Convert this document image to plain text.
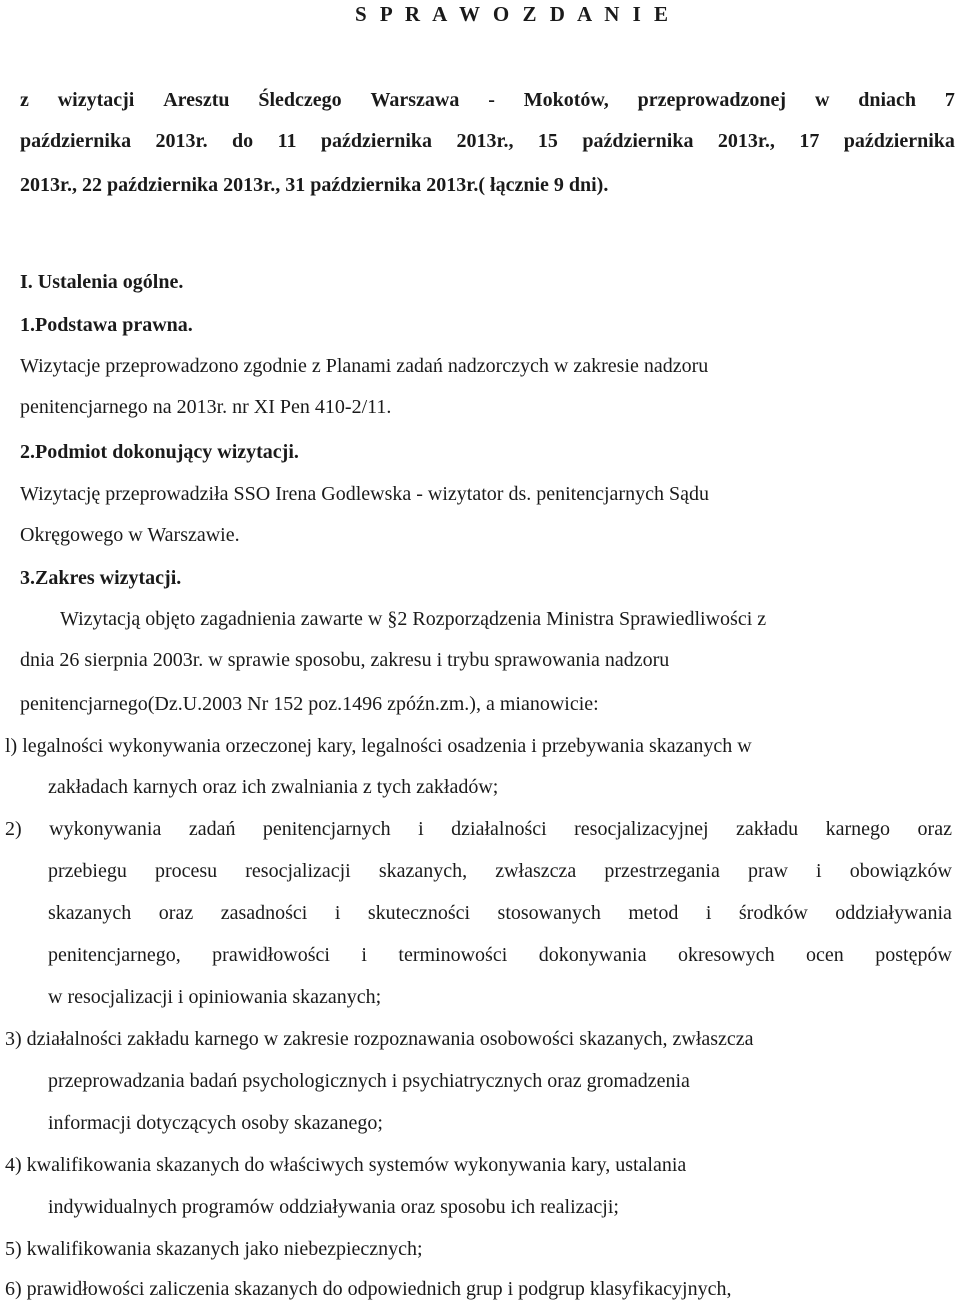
S P R A W O Z D A N I E
z wizytacji Aresztu Śledczego Warszawa - Mokotów, przeprowadzonej w dniach 7
października 2013r. do 11 października 2013r., 15 października 2013r., 17 października
2013r., 22 października 2013r., 31 października 2013r.( łącznie 9 dni).
I. Ustalenia ogólne.
1.Podstawa prawna.
Wizytacje przeprowadzono zgodnie z Planami zadań nadzorczych w zakresie nadzoru
penitencjarnego na 2013r. nr XI Pen 410-2/11.
2.Podmiot dokonujący wizytacji.
Wizytację przeprowadziła SSO Irena Godlewska - wizytator ds. penitencjarnych Sądu
Okręgowego w Warszawie.
3.Zakres wizytacji.
Wizytacją objęto zagadnienia zawarte w §2 Rozporządzenia Ministra Sprawiedliwości z
dnia 26 sierpnia 2003r. w sprawie sposobu, zakresu i trybu sprawowania nadzoru
penitencjarnego(Dz.U.2003 Nr 152 poz.1496 zpóźn.zm.), a mianowicie:
l) legalności wykonywania orzeczonej kary, legalności osadzenia i przebywania skazanych w
zakładach karnych oraz ich zwalniania z tych zakładów;
2) wykonywania zadań penitencjarnych i działalności resocjalizacyjnej zakładu karnego oraz
przebiegu procesu resocjalizacji skazanych, zwłaszcza przestrzegania praw i obowiązków
skazanych oraz zasadności i skuteczności stosowanych metod i środków oddziaływania
penitencjarnego, prawidłowości i terminowości dokonywania okresowych ocen postępów
w resocjalizacji i opiniowania skazanych;
3) działalności zakładu karnego w zakresie rozpoznawania osobowości skazanych, zwłaszcza
przeprowadzania badań psychologicznych i psychiatrycznych oraz gromadzenia
informacji dotyczących osoby skazanego;
4) kwalifikowania skazanych do właściwych systemów wykonywania kary, ustalania
indywidualnych programów oddziaływania oraz sposobu ich realizacji;
5) kwalifikowania skazanych jako niebezpiecznych;
6) prawidłowości zaliczenia skazanych do odpowiednich grup i podgrup klasyfikacyjnych,
